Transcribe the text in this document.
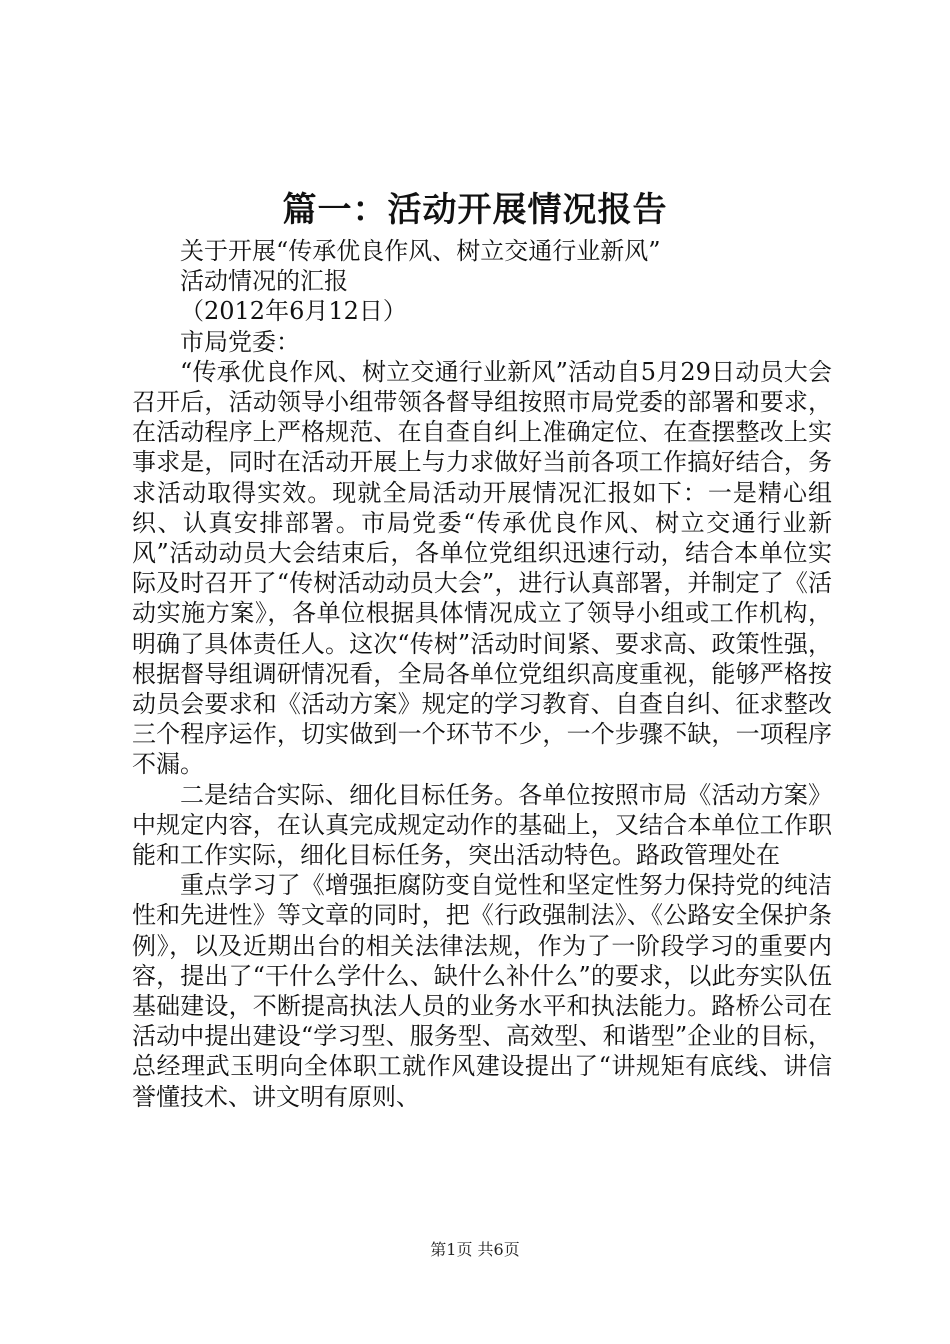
篇一：活动开展情况报告
关于开展“传承优良作风、树立交通行业新风”
活动情况的汇报
（2012年6月12日）
市局党委：

“传承优良作风、树立交通行业新风”活动自5月29日动员大会召开后，活动领导小组带领各督导组按照市局党委的部署和要求，在活动程序上严格规范、在自查自纠上准确定位、在查摆整改上实事求是，同时在活动开展上与力求做好当前各项工作搞好结合，务求活动取得实效。现就全局活动开展情况汇报如下：一是精心组织、认真安排部署。市局党委“传承优良作风、树立交通行业新风”活动动员大会结束后，各单位党组织迅速行动，结合本单位实际及时召开了“传树活动动员大会”，进行认真部署，并制定了《活动实施方案》，各单位根据具体情况成立了领导小组或工作机构，明确了具体责任人。这次“传树”活动时间紧、要求高、政策性强，根据督导组调研情况看，全局各单位党组织高度重视，能够严格按动员会要求和《活动方案》规定的学习教育、自查自纠、征求整改三个程序运作，切实做到一个环节不少，一个步骤不缺，一项程序不漏。

二是结合实际、细化目标任务。各单位按照市局《活动方案》中规定内容，在认真完成规定动作的基础上，又结合本单位工作职能和工作实际，细化目标任务，突出活动特色。路政管理处在

重点学习了《增强拒腐防变自觉性和坚定性努力保持党的纯洁性和先进性》等文章的同时，把《行政强制法》、《公路安全保护条例》，以及近期出台的相关法律法规，作为了一阶段学习的重要内容，提出了“干什么学什么、缺什么补什么”的要求，以此夯实队伍基础建设，不断提高执法人员的业务水平和执法能力。路桥公司在活动中提出建设“学习型、服务型、高效型、和谐型”企业的目标，总经理武玉明向全体职工就作风建设提出了“讲规矩有底线、讲信誉懂技术、讲文明有原则、

第1页 共6页
